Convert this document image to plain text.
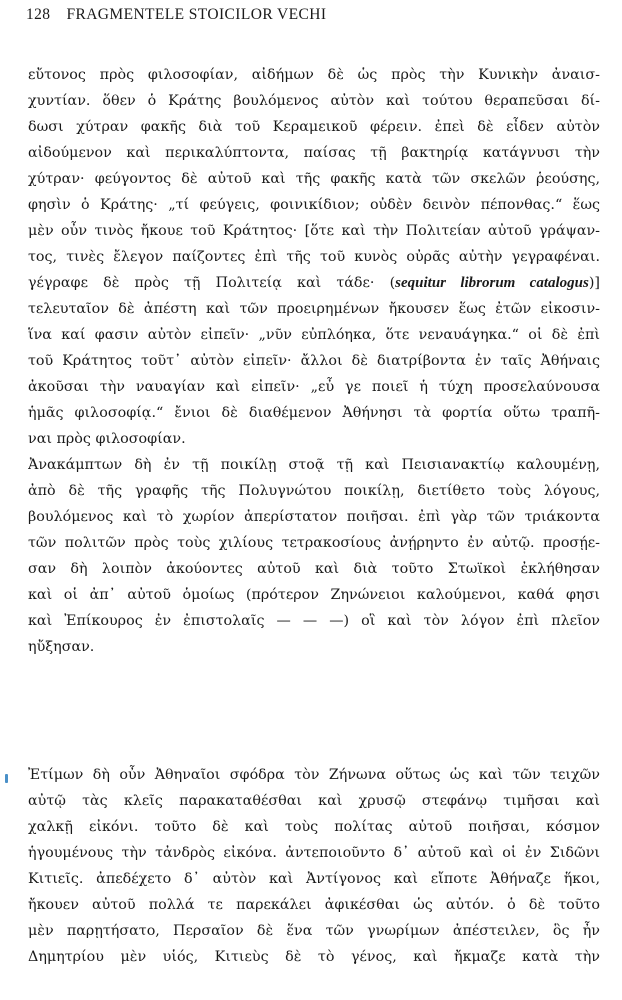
128 FRAGMENTELE STOICILOR VECHI
εὔτονος πρὸς φιλοσοφίαν, αἰδήμων δὲ ὡς πρὸς τὴν Κυνικὴν ἀναισ-
χυντίαν. ὅθεν ὁ Κράτης βουλόμενος αὐτὸν καὶ τούτου θεραπεῦσαι δί-
δωσι χύτραν φακῆς διὰ τοῦ Κεραμεικοῦ φέρειν. ἐπεὶ δὲ εἶδεν αὐτὸν
αἰδούμενον καὶ περικαλύπτοντα, παίσας τῇ βακτηρίᾳ κατάγνυσι τὴν
χύτραν· φεύγοντος δὲ αὐτοῦ καὶ τῆς φακῆς κατὰ τῶν σκελῶν ῥεούσης,
φησὶν ὁ Κράτης· „τί φεύγεις, φοινικίδιον; οὐδὲν δεινὸν πέπονθας.“ ἕως
μὲν οὖν τινὸς ἤκουε τοῦ Κράτητος· [ὅτε καὶ τὴν Πολιτείαν αὐτοῦ γράψαν-
τος, τινὲς ἔλεγον παίζοντες ἐπὶ τῆς τοῦ κυνὸς οὐρᾶς αὐτὴν γεγραφέναι.
γέγραφε δὲ πρὸς τῇ Πολιτείᾳ καὶ τάδε· (sequitur librorum catalogus)]
τελευταῖον δὲ ἀπέστη καὶ τῶν προειρημένων ἤκουσεν ἕως ἐτῶν εἰκοσιν-
ἵνα καί φασιν αὐτὸν εἰπεῖν· „νῦν εὐπλόηκα, ὅτε νεναυάγηκα.“ οἱ δὲ ἐπὶ
τοῦ Κράτητος τοῦτ᾽ αὐτὸν εἰπεῖν· ἄλλοι δὲ διατρίβοντα ἐν ταῖς Ἀθήναις
ἀκοῦσαι τὴν ναυαγίαν καὶ εἰπεῖν· „εὖ γε ποιεῖ ἡ τύχη προσελαύνουσα
ἡμᾶς φιλοσοφίᾳ.“ ἔνιοι δὲ διαθέμενον Ἀθήνησι τὰ φορτία οὕτω τραπῆ-
ναι πρὸς φιλοσοφίαν.
Ἀνακάμπτων δὴ ἐν τῇ ποικίλῃ στοᾷ τῇ καὶ Πεισιανακτίῳ καλουμένῃ,
ἀπὸ δὲ τῆς γραφῆς τῆς Πολυγνώτου ποικίλῃ, διετίθετο τοὺς λόγους,
βουλόμενος καὶ τὸ χωρίον ἀπερίστατον ποιῆσαι. ἐπὶ γὰρ τῶν τριάκοντα
τῶν πολιτῶν πρὸς τοὺς χιλίους τετρακοσίους ἀνῄρηντο ἐν αὐτῷ. προσῄε-
σαν δὴ λοιπὸν ἀκούοντες αὐτοῦ καὶ διὰ τοῦτο Στωϊκοὶ ἐκλήθησαν
καὶ οἱ ἀπ᾽ αὐτοῦ ὁμοίως (πρότερον Ζηνώνειοι καλούμενοι, καθά φησι
καὶ Ἐπίκουρος ἐν ἐπιστολαῖς — — —) οἳ καὶ τὸν λόγον ἐπὶ πλεῖον
ηὔξησαν.
Ἐτίμων δὴ οὖν Ἀθηναῖοι σφόδρα τὸν Ζήνωνα οὕτως ὡς καὶ τῶν τειχῶν
αὐτῷ τὰς κλεῖς παρακαταθέσθαι καὶ χρυσῷ στεφάνῳ τιμῆσαι καὶ
χαλκῇ εἰκόνι. τοῦτο δὲ καὶ τοὺς πολίτας αὐτοῦ ποιῆσαι, κόσμον
ἡγουμένους τὴν τἀνδρὸς εἰκόνα. ἀντεποιοῦντο δ᾽ αὐτοῦ καὶ οἱ ἐν Σιδῶνι
Κιτιεῖς. ἀπεδέχετο δ᾽ αὐτὸν καὶ Ἀντίγονος καὶ εἴποτε Ἀθήναζε ἥκοι,
ἤκουεν αὐτοῦ πολλά τε παρεκάλει ἀφικέσθαι ὡς αὐτόν. ὁ δὲ τοῦτο
μὲν παρῃτήσατο, Περσαῖον δὲ ἕνα τῶν γνωρίμων ἀπέστειλεν, ὃς ἦν
Δημητρίου μὲν υἱός, Κιτιεὺς δὲ τὸ γένος, καὶ ἤκμαζε κατὰ τὴν
